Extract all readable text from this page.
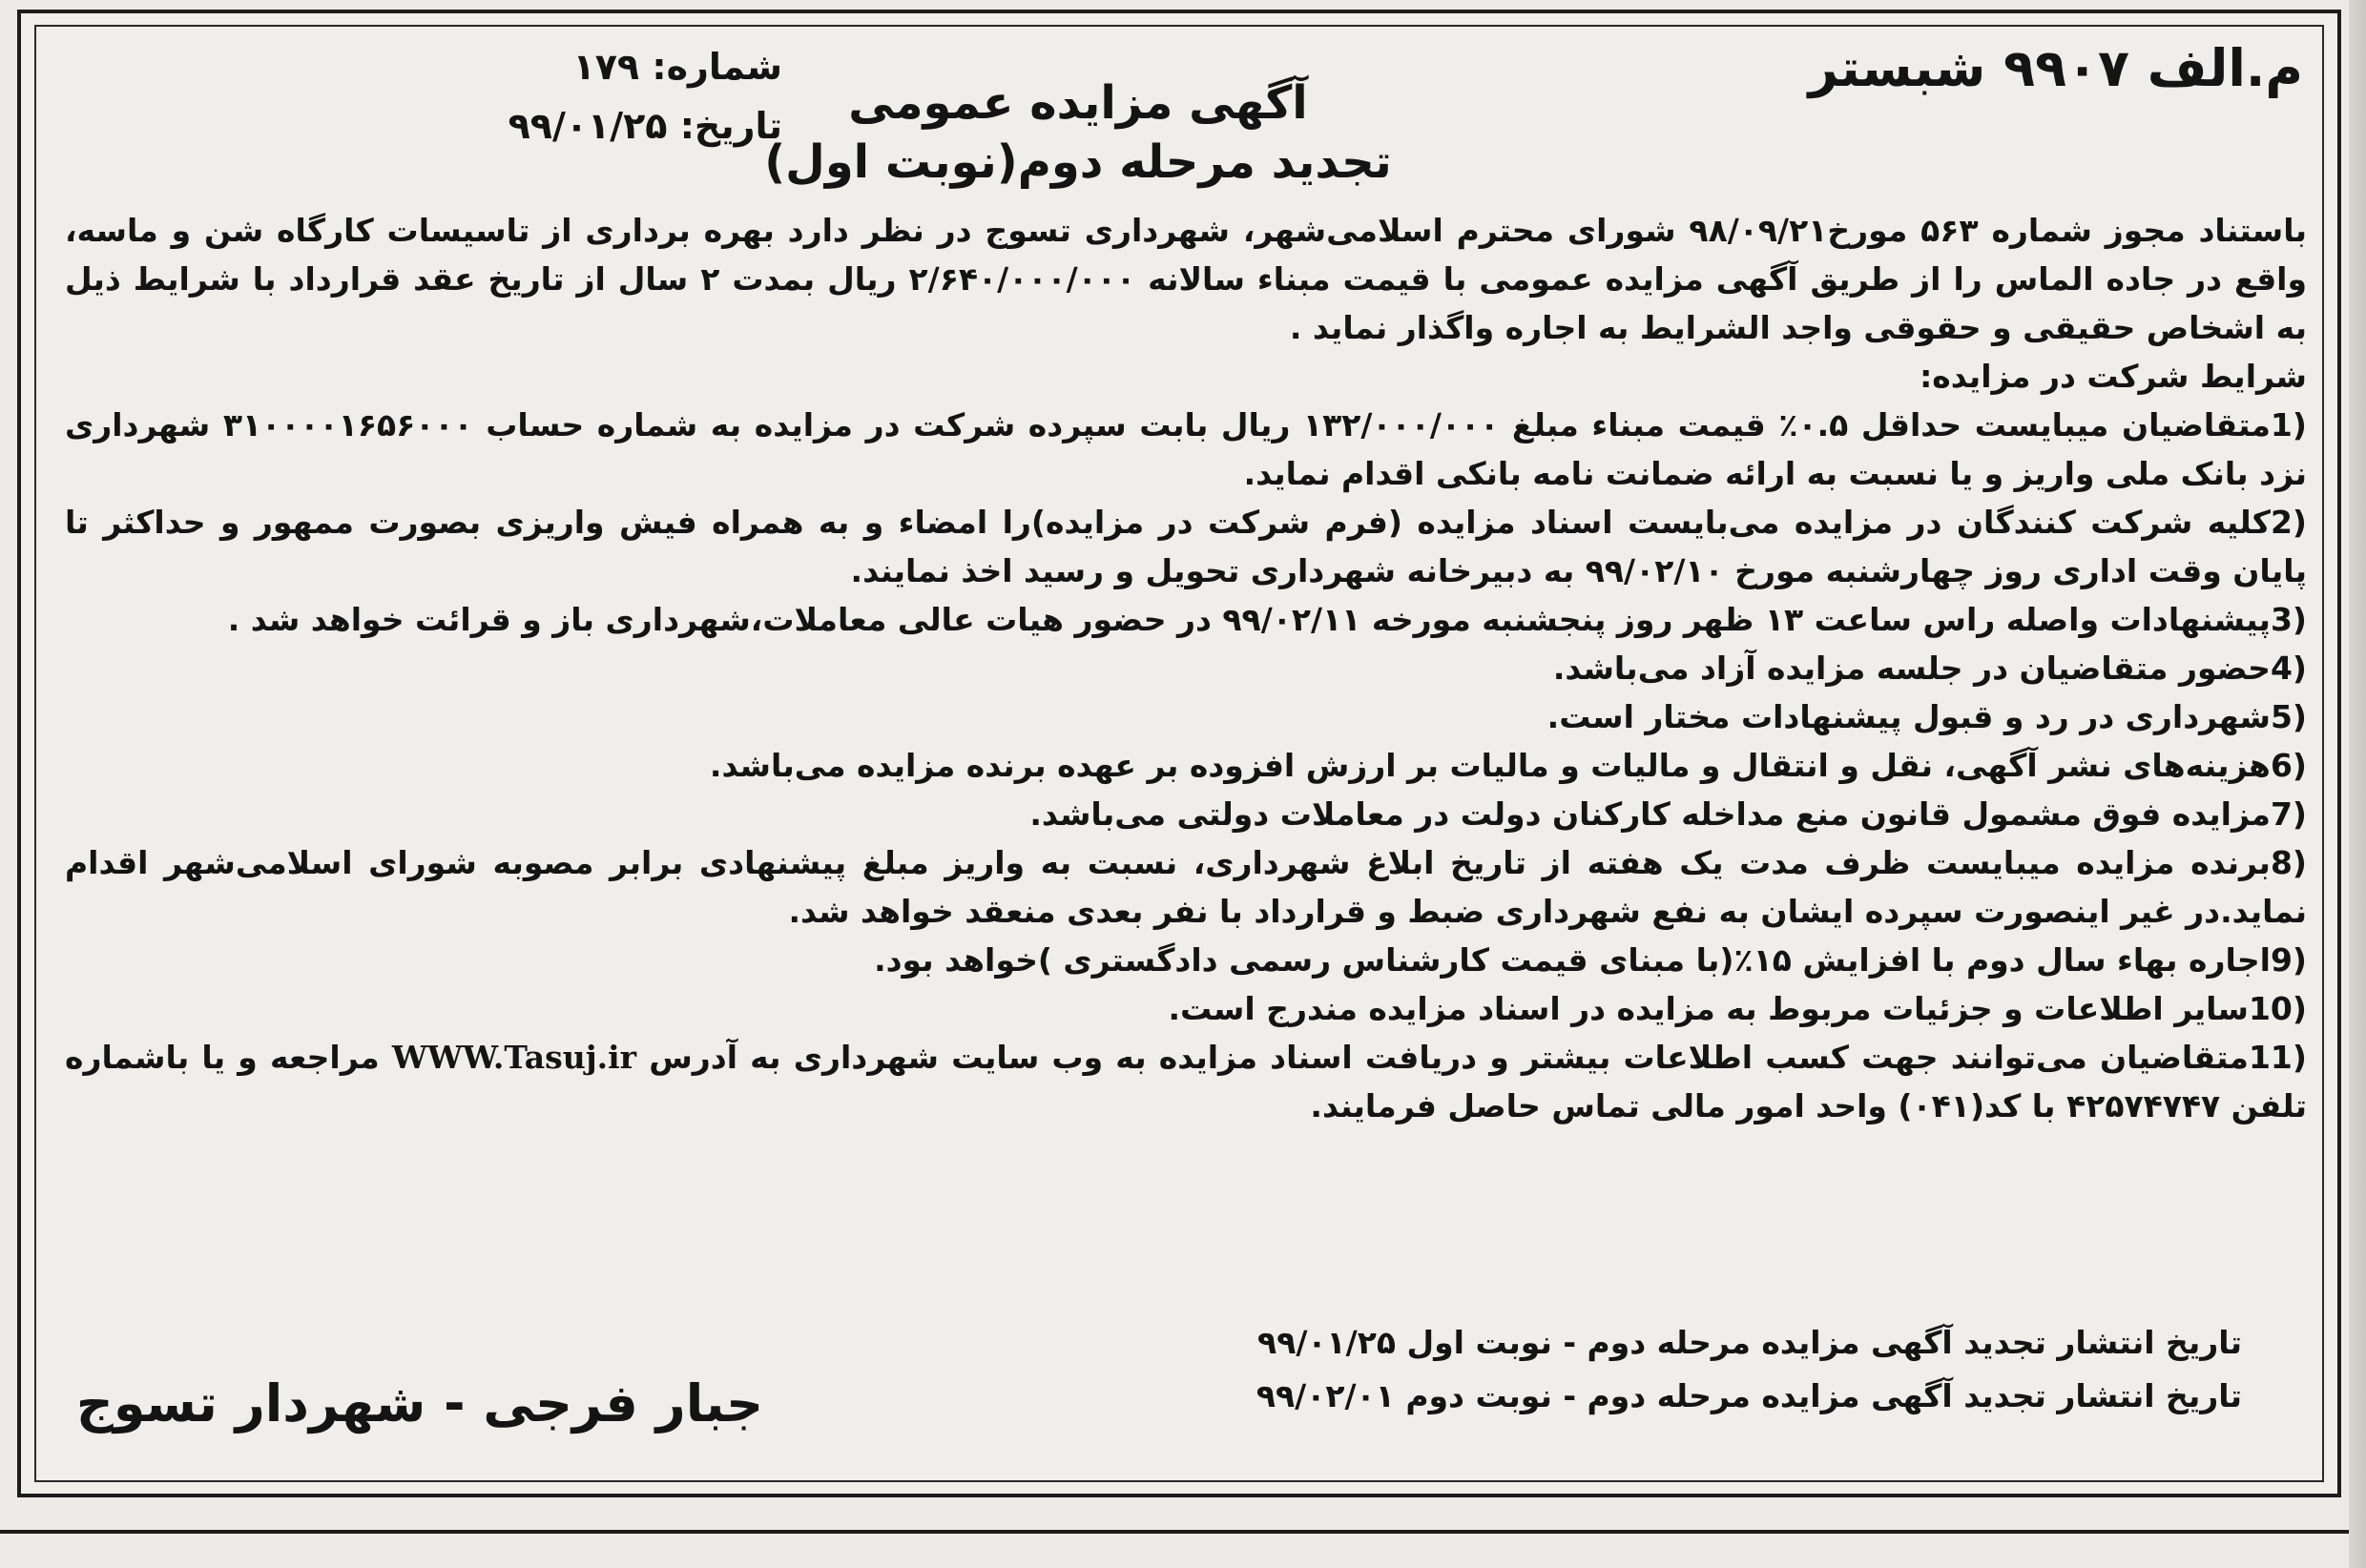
م.الف ۹۹۰۷ شبستر
آگهی مزایده عمومی
تجدید مرحله دوم(نوبت اول)
شماره: ۱۷۹
تاریخ: ۹۹/۰۱/۲۵

باستناد مجوز شماره ۵۶۳ مورخ۹۸/۰۹/۲۱ شورای محترم اسلامی‌شهر، شهرداری تسوج در نظر دارد بهره برداری از تاسیسات کارگاه شن و ماسه، واقع در جاده الماس را از طریق آگهی مزایده عمومی با قیمت مبناء سالانه ۲/۶۴۰/۰۰۰/۰۰۰ ریال بمدت ۲ سال از تاریخ عقد قرارداد با شرایط ذیل به اشخاص حقیقی و حقوقی واجد الشرایط به اجاره واگذار نماید .

شرایط شرکت در مزایده:

(1متقاضیان میبایست حداقل ۰.۵٪ قیمت مبناء مبلغ ۱۳۲/۰۰۰/۰۰۰ ریال بابت سپرده شرکت در مزایده به شماره حساب ۳۱۰۰۰۰۱۶۵۶۰۰۰ شهرداری نزد بانک ملی واریز و یا نسبت به ارائه ضمانت نامه بانکی اقدام نماید.

(2کلیه شرکت کنندگان در مزایده می‌بایست اسناد مزایده (فرم شرکت در مزایده)را امضاء و به همراه فیش واریزی بصورت ممهور و حداکثر تا پایان وقت اداری روز چهارشنبه مورخ ۹۹/۰۲/۱۰ به دبیرخانه شهرداری تحویل و رسید اخذ نمایند.

(3پیشنهادات واصله راس ساعت ۱۳ ظهر روز پنجشنبه مورخه ۹۹/۰۲/۱۱ در حضور هیات عالی معاملات،شهرداری باز و قرائت خواهد شد .

(4حضور متقاضیان در جلسه مزایده آزاد می‌باشد.

(5شهرداری در رد و قبول پیشنهادات مختار است.

(6هزینه‌های نشر آگهی، نقل و انتقال و مالیات و مالیات بر ارزش افزوده بر عهده برنده مزایده می‌باشد.

(7مزایده فوق مشمول قانون منع مداخله کارکنان دولت در معاملات دولتی می‌باشد.

(8برنده مزایده میبایست ظرف مدت یک هفته از تاریخ ابلاغ شهرداری، نسبت به واریز مبلغ پیشنهادی برابر مصوبه شورای اسلامی‌شهر اقدام نماید.در غیر اینصورت سپرده ایشان به نفع شهرداری ضبط و قرارداد با نفر بعدی منعقد خواهد شد.

(9اجاره بهاء سال دوم با افزایش ۱۵٪(با مبنای قیمت کارشناس رسمی دادگستری )خواهد بود.

(10سایر اطلاعات و جزئیات مربوط به مزایده در اسناد مزایده مندرج است.

(11متقاضیان می‌توانند جهت کسب اطلاعات بیشتر و دریافت اسناد مزایده به وب سایت شهرداری به آدرس WWW.Tasuj.ir مراجعه و یا باشماره تلفن ۴۲۵۷۴۷۴۷ با کد(۰۴۱) واحد امور مالی تماس حاصل فرمایند.

تاریخ انتشار تجدید آگهی مزایده مرحله دوم - نوبت اول ۹۹/۰۱/۲۵
تاریخ انتشار تجدید آگهی مزایده مرحله دوم - نوبت دوم ۹۹/۰۲/۰۱
جبار فرجی - شهردار تسوج
